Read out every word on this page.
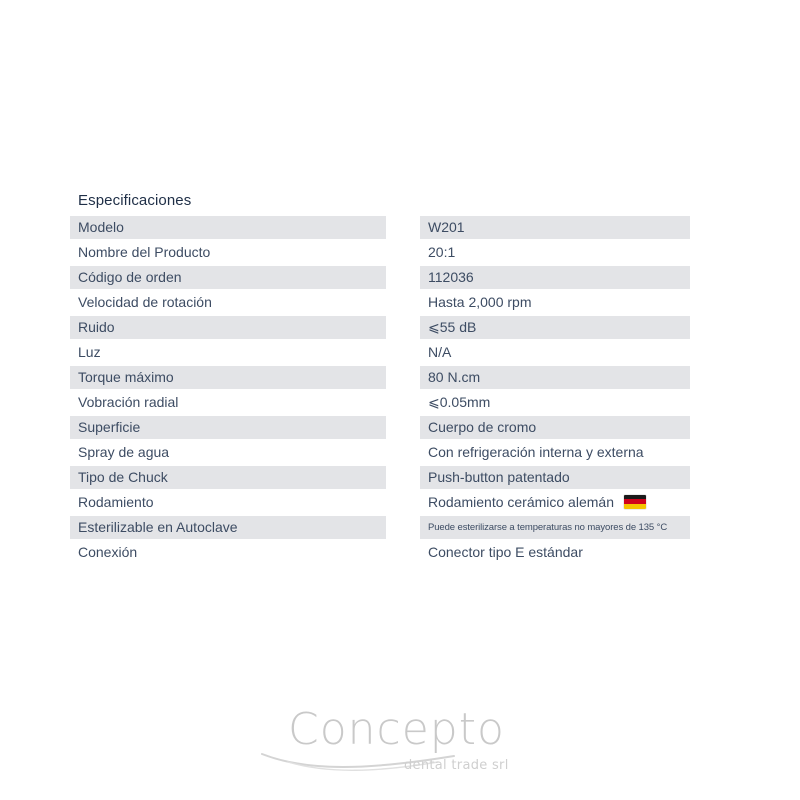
Especificaciones
Modelo	W201
Nombre del Producto	20:1
Código de orden	112036
Velocidad de rotación	Hasta 2,000 rpm
Ruido	⩽55 dB
Luz	N/A
Torque máximo	80 N.cm
Vobración radial	⩽0.05mm
Superficie	Cuerpo de cromo
Spray de agua	Con refrigeración interna y externa
Tipo de Chuck	Push-button patentado
Rodamiento	Rodamiento cerámico alemán
Esterilizable en Autoclave	Puede esterilizarse a temperaturas no mayores de 135 °C
Conexión	Conector tipo E estándar
Concepto
dental trade srl
